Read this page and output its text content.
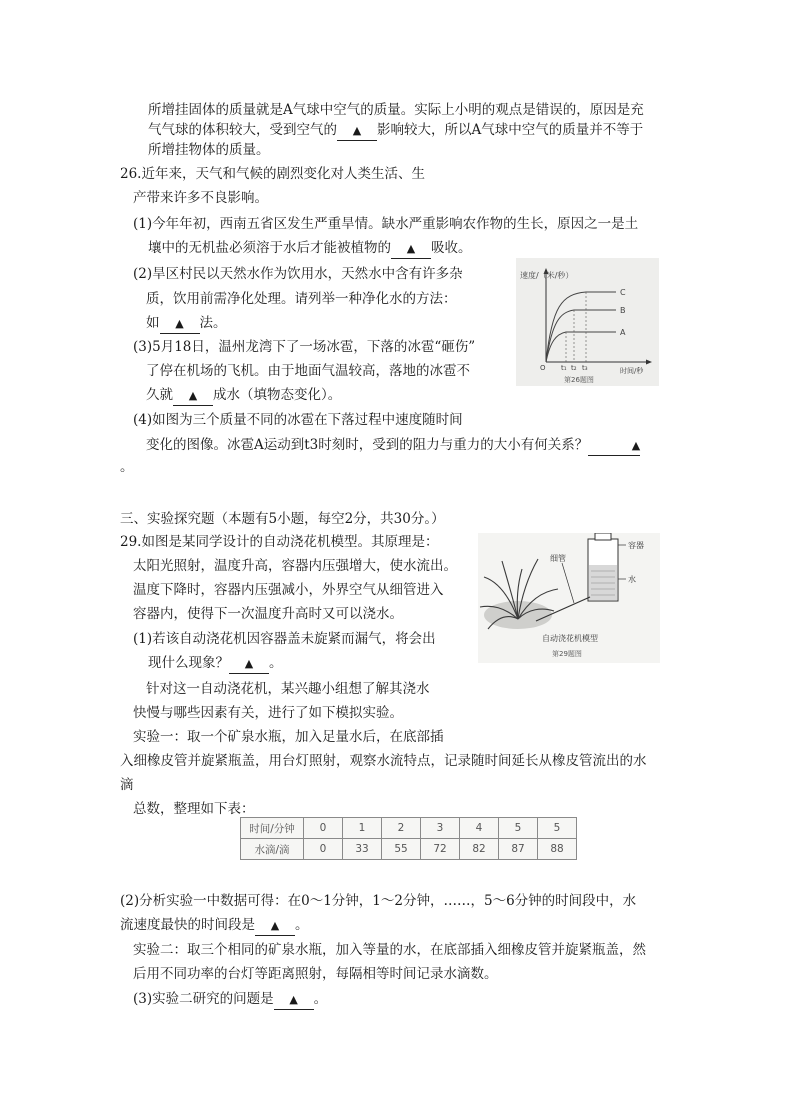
所增挂固体的质量就是A气球中空气的质量。实际上小明的观点是错误的，原因是充
气气球的体积较大，受到空气的 ▲ 影响较大，所以A气球中空气的质量并不等于
所增挂物体的质量。
26.近年来，天气和气候的剧烈变化对人类生活、生
产带来许多不良影响。
(1)今年年初，西南五省区发生严重旱情。缺水严重影响农作物的生长，原因之一是土
壤中的无机盐必须溶于水后才能被植物的 ▲ 吸收。
(2)旱区村民以天然水作为饮用水，天然水中含有许多杂
质，饮用前需净化处理。请列举一种净化水的方法：
如 ▲ 法。
(3)5月18日，温州龙湾下了一场冰雹，下落的冰雹“砸伤”
了停在机场的飞机。由于地面气温较高，落地的冰雹不
久就 ▲ 成水（填物态变化）。
(4)如图为三个质量不同的冰雹在下落过程中速度随时间
变化的图像。冰雹A运动到t3时刻时，受到的阻力与重力的大小有何关系？	▲
。
速度/（米/秒）
时间/秒
O
C
B
A
t₁ t₂ t₃
第26题图
三、实验探究题（本题有5小题，每空2分，共30分。）
29.如图是某同学设计的自动浇花机模型。其原理是：
太阳光照射，温度升高，容器内压强增大，使水流出。
温度下降时，容器内压强减小，外界空气从细管进入
容器内，使得下一次温度升高时又可以浇水。
(1)若该自动浇花机因容器盖未旋紧而漏气，将会出
现什么现象？ ▲ 。
针对这一自动浇花机，某兴趣小组想了解其浇水
快慢与哪些因素有关，进行了如下模拟实验。
实验一：取一个矿泉水瓶，加入足量水后，在底部插
入细橡皮管并旋紧瓶盖，用台灯照射，观察水流特点，记录随时间延长从橡皮管流出的水
滴
总数，整理如下表：
容器
水
细管
自动浇花机模型
第29题图
时间/分钟	0	1	2	3	4	5	5
水滴/滴	0	33	55	72	82	87	88
(2)分析实验一中数据可得：在0～1分钟，1～2分钟，……，5～6分钟的时间段中，水
流速度最快的时间段是 ▲ 。
实验二：取三个相同的矿泉水瓶，加入等量的水，在底部插入细橡皮管并旋紧瓶盖，然
后用不同功率的台灯等距离照射，每隔相等时间记录水滴数。
(3)实验二研究的问题是 ▲ 。
